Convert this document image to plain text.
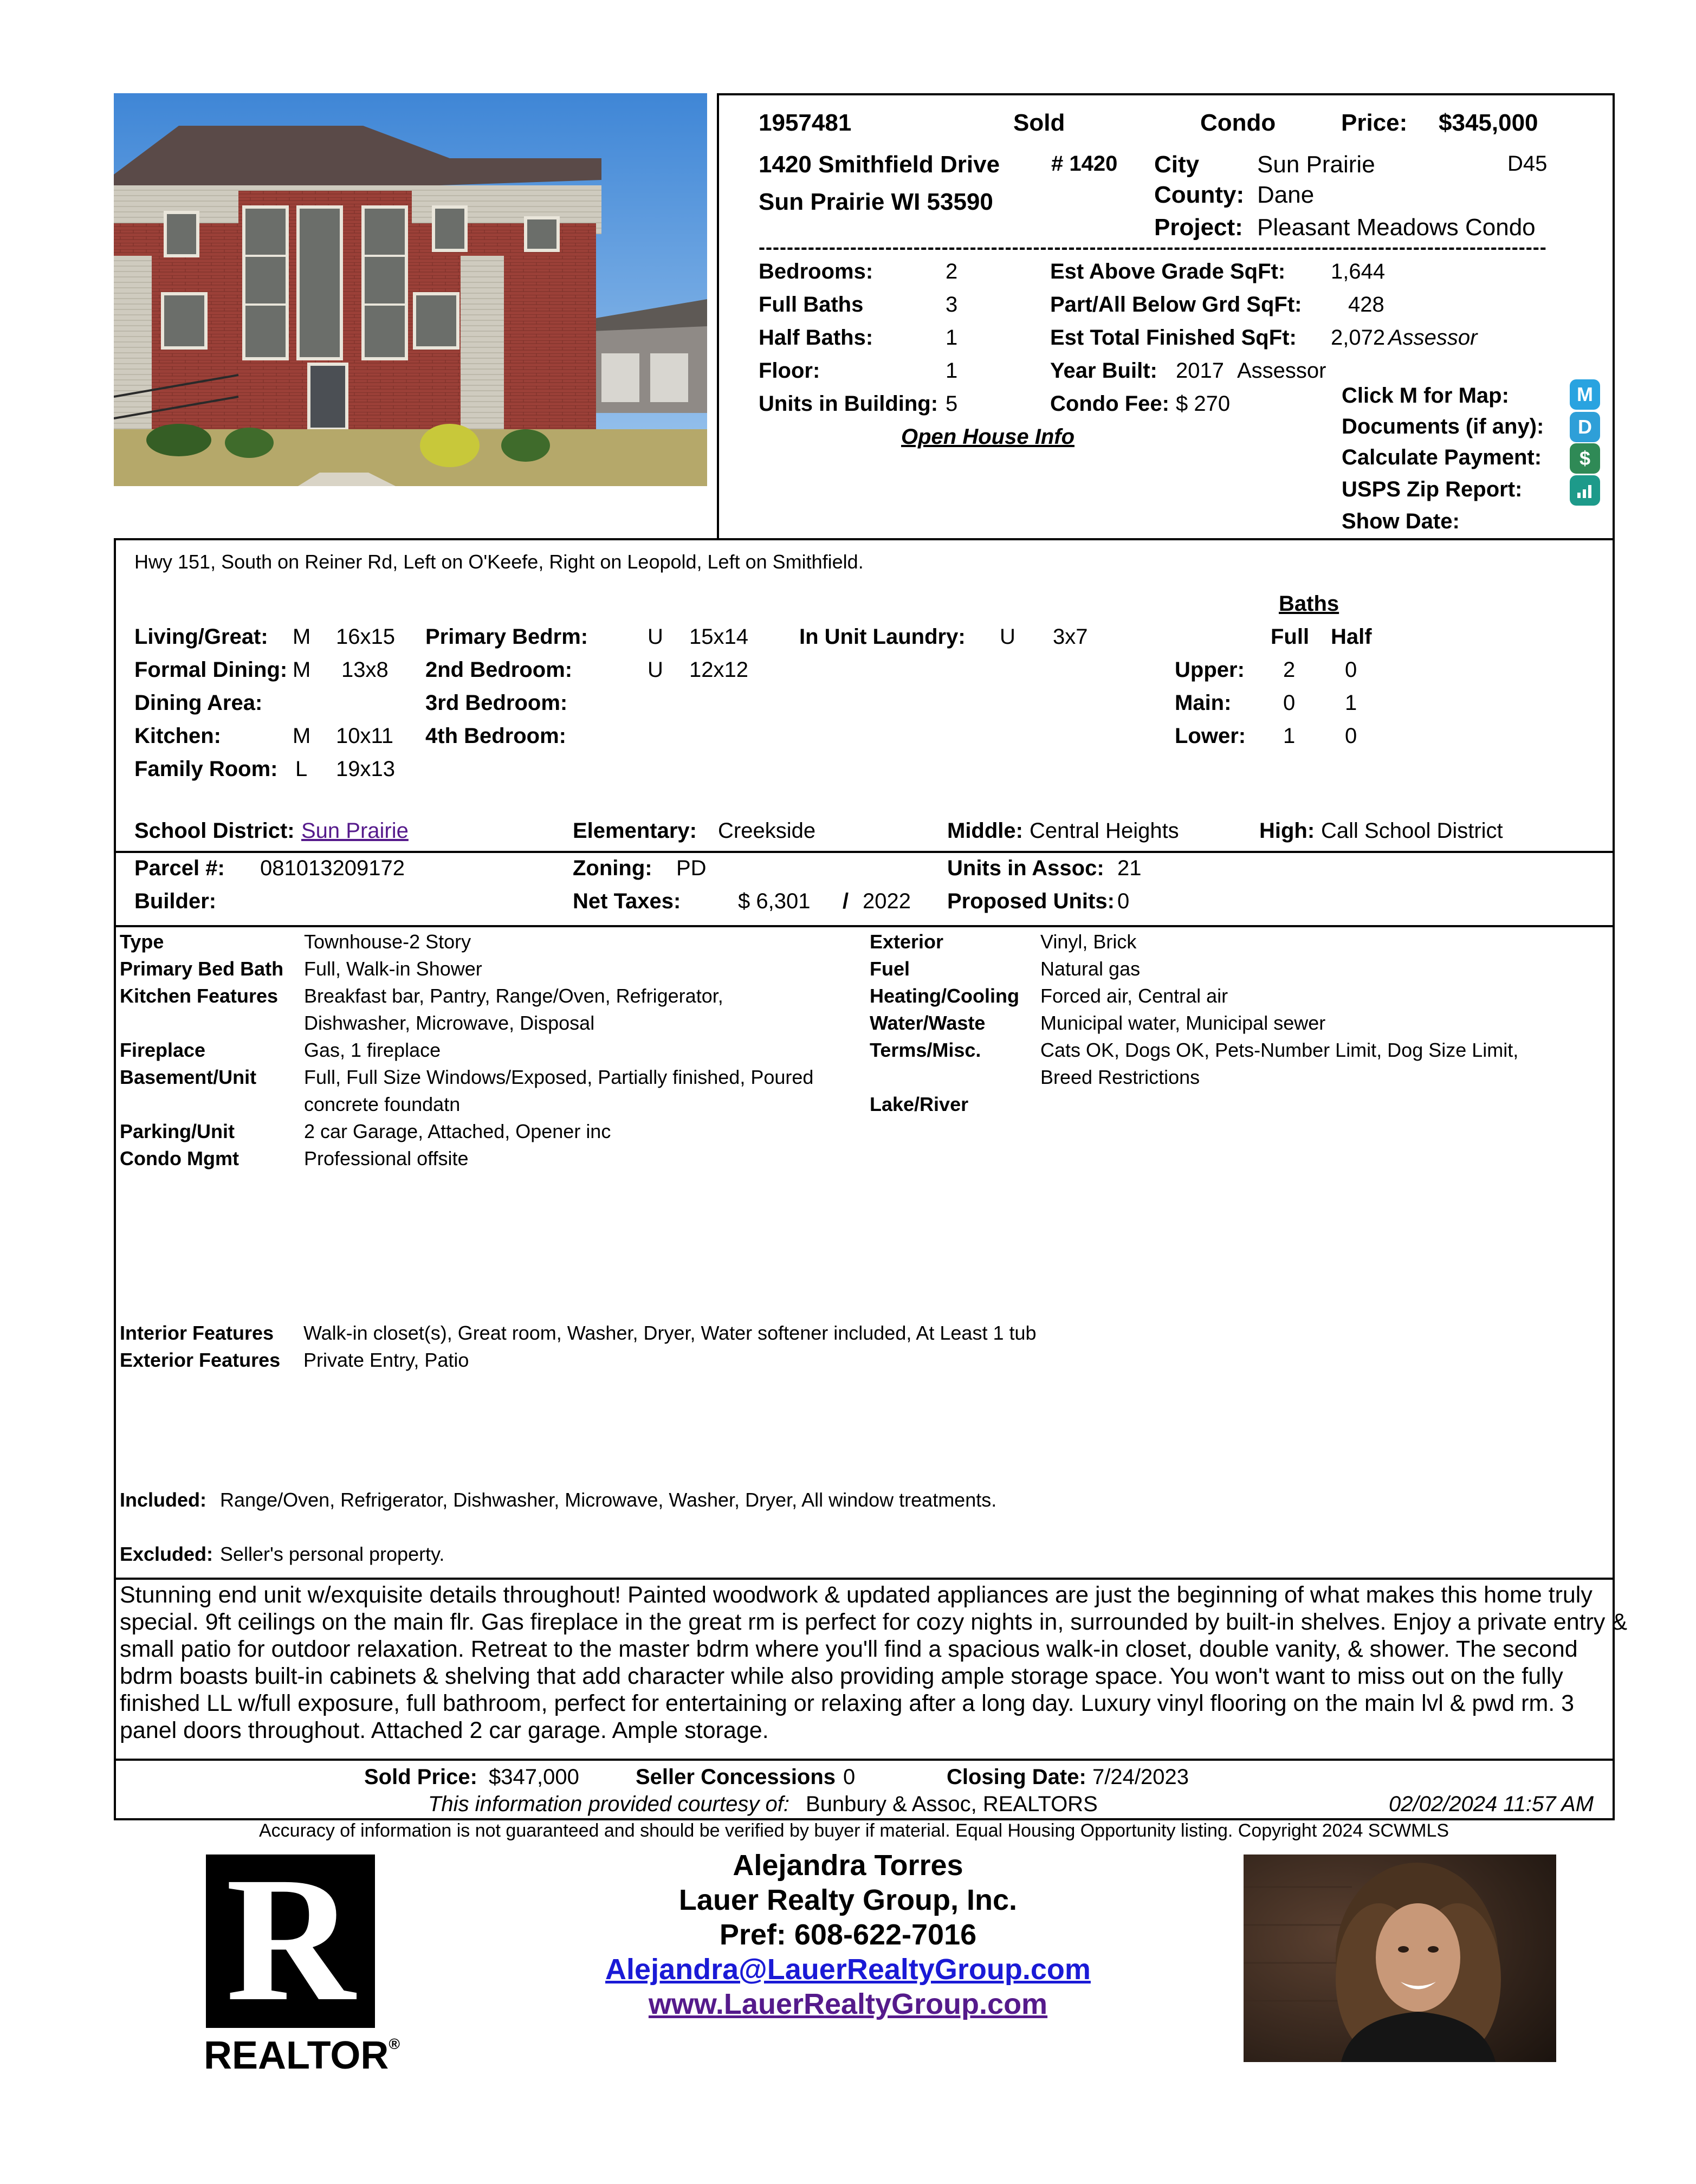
1957481	Sold	Condo	Price: $345,000
1420 Smithfield Drive # 1420 City Sun Prairie	D45
Sun Prairie WI 53590	County: Dane
Project: Pleasant Meadows Condo
----------------------------------------------------------------------------------------------------------------
Bedrooms:	2
Full Baths	3
Half Baths:	1
Floor:	1
Units in Building: 5
Est Above Grade SqFt: 1,644
Part/All Below Grd SqFt: 428
Est Total Finished SqFt: 2,072 Assessor
Year Built: 2017 Assessor
Condo Fee: $ 270
Open House Info
Click M for Map:	M
Documents (if any):	D
Calculate Payment:	$
USPS Zip Report:
Show Date:
Hwy 151, South on Reiner Rd, Left on O'Keefe, Right on Leopold, Left on Smithfield.
Baths
Full Half
Living/Great: M 16x15
Formal Dining: M 13x8
Dining Area:
Kitchen:	M 10x11
Family Room: L 19x13
Primary Bedrm:	U 15x14
2nd Bedroom:	U 12x12
3rd Bedroom:
4th Bedroom:
In Unit Laundry: U 3x7
Upper: 2 0
Main: 0 1
Lower: 1 0
School District: Sun Prairie	Elementary: Creekside	Middle: Central Heights	High: Call School District
Parcel #: 081013209172	Zoning: PD	Units in Assoc: 21
Builder:	Net Taxes:	$ 6,301 / 2022 Proposed Units: 0
Type	Townhouse-2 Story
Primary Bed Bath	Full, Walk-in Shower
Kitchen Features	Breakfast bar, Pantry, Range/Oven, Refrigerator,
Dishwasher, Microwave, Disposal
Fireplace	Gas, 1 fireplace
Basement/Unit	Full, Full Size Windows/Exposed, Partially finished, Poured
concrete foundatn
Parking/Unit	2 car Garage, Attached, Opener inc
Condo Mgmt	Professional offsite
Exterior	Vinyl, Brick
Fuel	Natural gas
Heating/Cooling	Forced air, Central air
Water/Waste	Municipal water, Municipal sewer
Terms/Misc.	Cats OK, Dogs OK, Pets-Number Limit, Dog Size Limit,
Breed Restrictions
Lake/River
Interior Features Walk-in closet(s), Great room, Washer, Dryer, Water softener included, At Least 1 tub
Exterior Features Private Entry, Patio
Included: Range/Oven, Refrigerator, Dishwasher, Microwave, Washer, Dryer, All window treatments.
Excluded: Seller's personal property.
Stunning end unit w/exquisite details throughout! Painted woodwork & updated appliances are just the beginning of what makes this home truly
special. 9ft ceilings on the main flr. Gas fireplace in the great rm is perfect for cozy nights in, surrounded by built-in shelves. Enjoy a private entry &
small patio for outdoor relaxation. Retreat to the master bdrm where you'll find a spacious walk-in closet, double vanity, & shower. The second
bdrm boasts built-in cabinets & shelving that add character while also providing ample storage space. You won't want to miss out on the fully
finished LL w/full exposure, full bathroom, perfect for entertaining or relaxing after a long day. Luxury vinyl flooring on the main lvl & pwd rm. 3
panel doors throughout. Attached 2 car garage. Ample storage.
Sold Price: $347,000	Seller Concessions 0	Closing Date: 7/24/2023
This information provided courtesy of: Bunbury & Assoc, REALTORS	02/02/2024 11:57 AM
Accuracy of information is not guaranteed and should be verified by buyer if material. Equal Housing Opportunity listing. Copyright 2024 SCWMLS
R
REALTOR®
Alejandra Torres
Lauer Realty Group, Inc.
Pref: 608-622-7016
Alejandra@LauerRealtyGroup.com
www.LauerRealtyGroup.com
